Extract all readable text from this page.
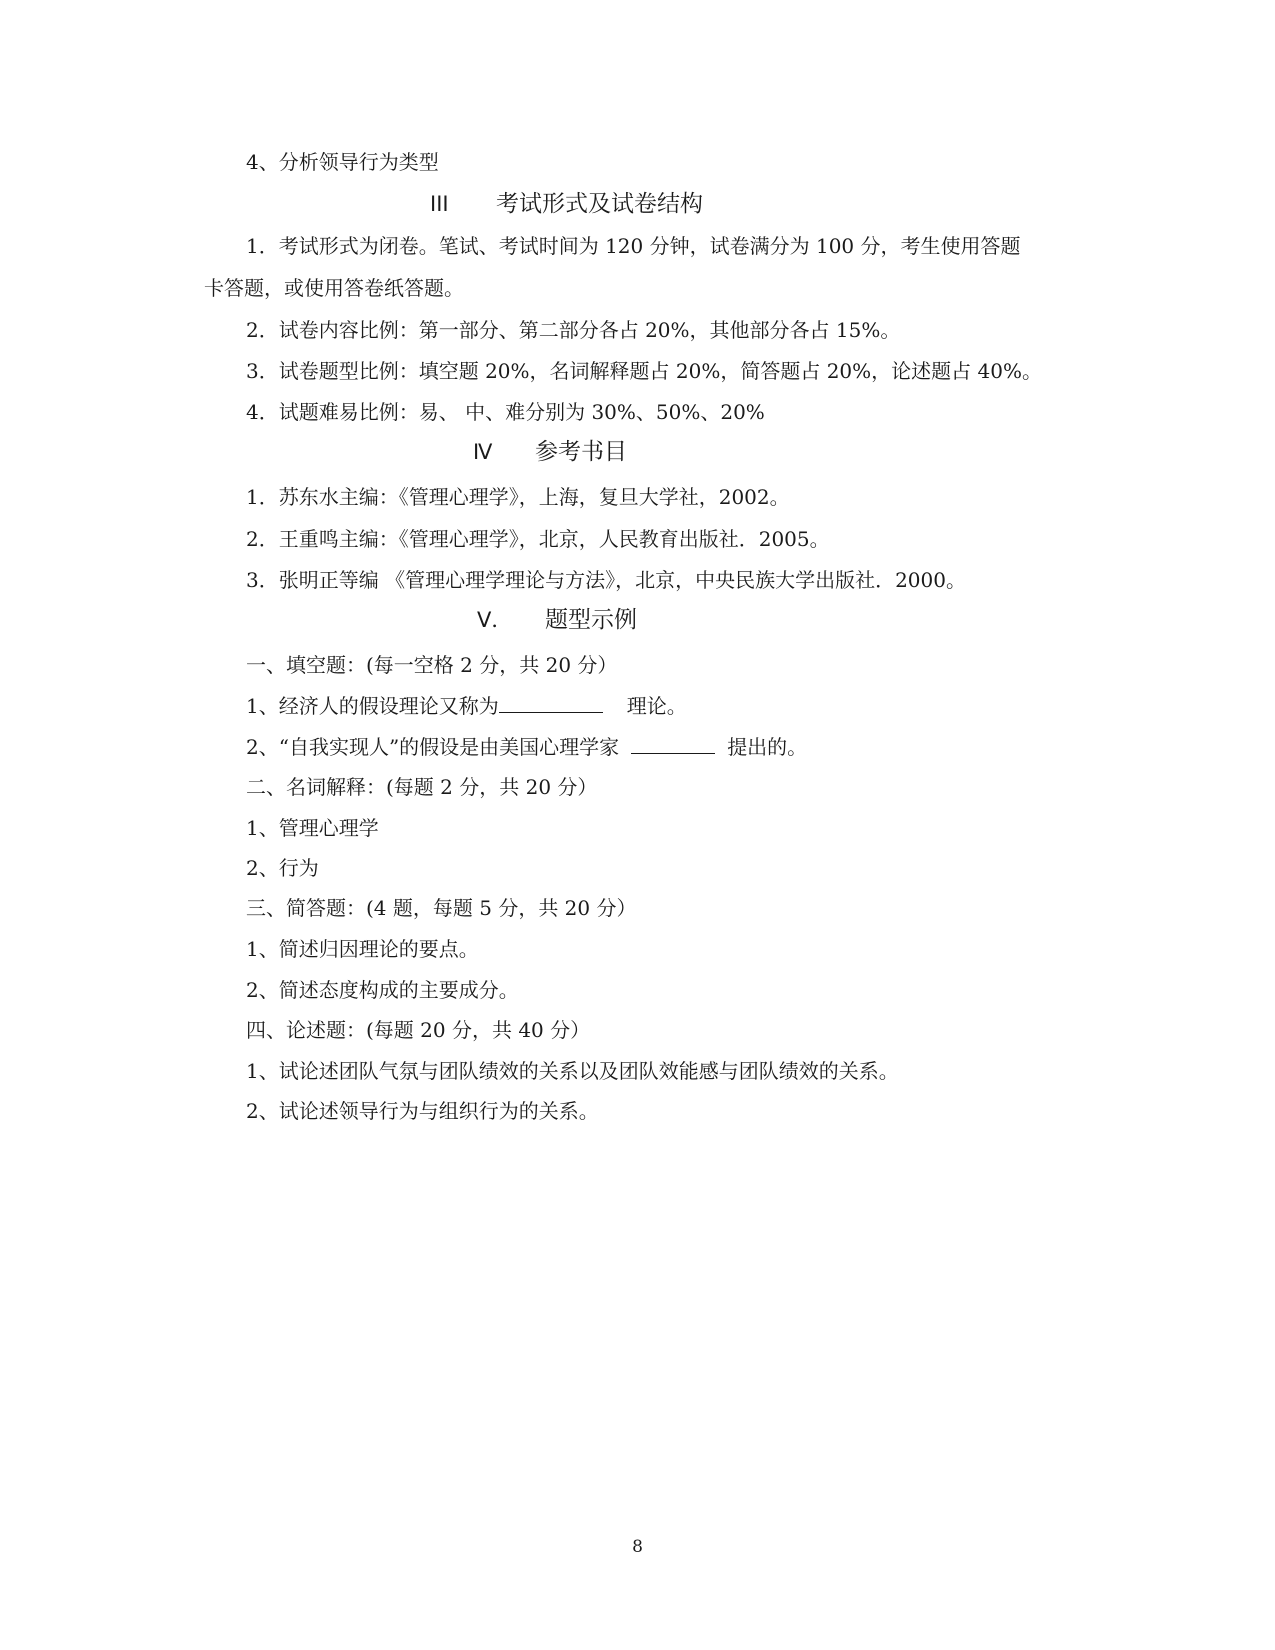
4、分析领导行为类型
III 考试形式及试卷结构
1．考试形式为闭卷。笔试、考试时间为 120 分钟，试卷满分为 100 分，考生使用答题
卡答题，或使用答卷纸答题。
2．试卷内容比例：第一部分、第二部分各占 20%，其他部分各占 15%。
3．试卷题型比例：填空题 20%，名词解释题占 20%，简答题占 20%，论述题占 40%。
4．试题难易比例：易、 中、难分别为 30%、50%、20%
Ⅳ 参考书目
1．苏东水主编：《管理心理学》，上海，复旦大学社，2002。
2．王重鸣主编：《管理心理学》，北京，人民教育出版社．2005。
3．张明正等编 《管理心理学理论与方法》，北京，中央民族大学出版社．2000。
Ⅴ． 题型示例
一、填空题：(每一空格 2 分，共 20 分）
1、经济人的假设理论又称为	理论。
2、“自我实现人”的假设是由美国心理学家	提出的。
二、名词解释：(每题 2 分，共 20 分）
1、管理心理学
2、行为
三、简答题：(4 题，每题 5 分，共 20 分）
1、简述归因理论的要点。
2、简述态度构成的主要成分。
四、论述题：(每题 20 分，共 40 分）
1、试论述团队气氛与团队绩效的关系以及团队效能感与团队绩效的关系。
2、试论述领导行为与组织行为的关系。
8
